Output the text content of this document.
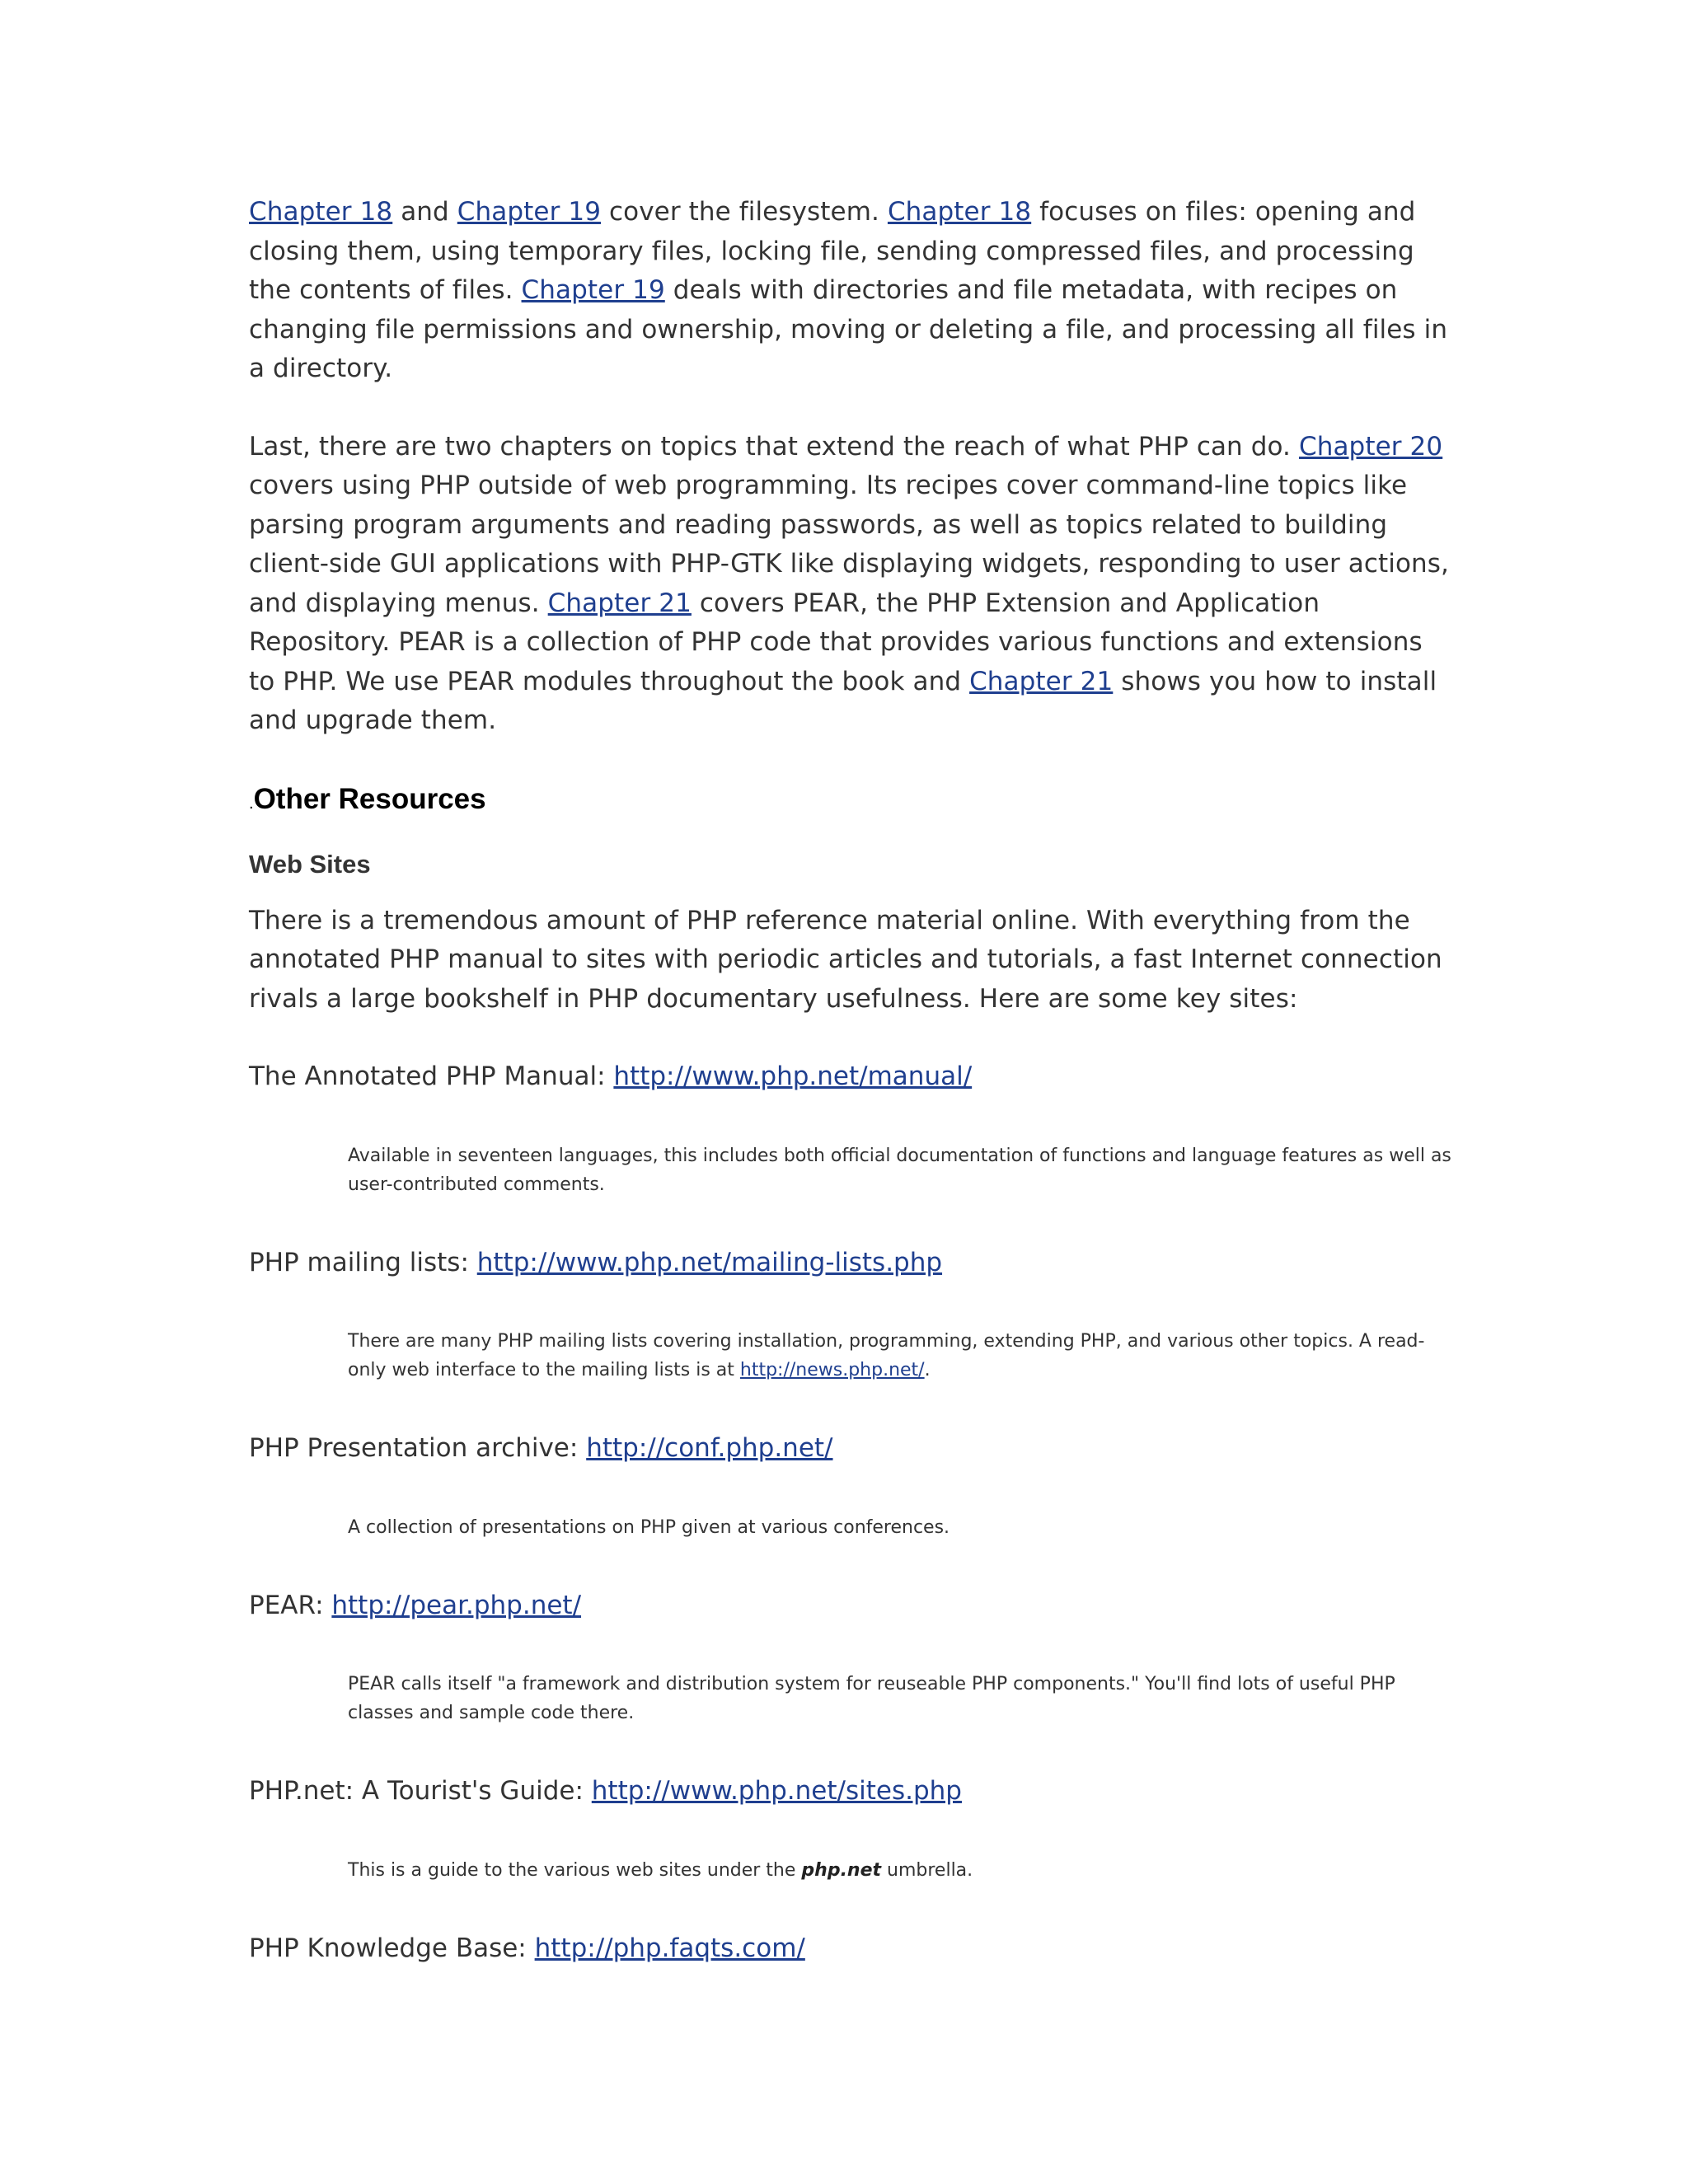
Chapter 18 and Chapter 19 cover the filesystem. Chapter 18 focuses on files: opening and closing them, using temporary files, locking file, sending compressed files, and processing the contents of files. Chapter 19 deals with directories and file metadata, with recipes on changing file permissions and ownership, moving or deleting a file, and processing all files in a directory.

Last, there are two chapters on topics that extend the reach of what PHP can do. Chapter 20 covers using PHP outside of web programming. Its recipes cover command-line topics like parsing program arguments and reading passwords, as well as topics related to building client-side GUI applications with PHP-GTK like displaying widgets, responding to user actions, and displaying menus. Chapter 21 covers PEAR, the PHP Extension and Application Repository. PEAR is a collection of PHP code that provides various functions and extensions to PHP. We use PEAR modules throughout the book and Chapter 21 shows you how to install and upgrade them.

.Other Resources
Web Sites

There is a tremendous amount of PHP reference material online. With everything from the annotated PHP manual to sites with periodic articles and tutorials, a fast Internet connection rivals a large bookshelf in PHP documentary usefulness. Here are some key sites:

The Annotated PHP Manual: http://www.php.net/manual/

Available in seventeen languages, this includes both official documentation of functions and language features as well as user-contributed comments.

PHP mailing lists: http://www.php.net/mailing-lists.php

There are many PHP mailing lists covering installation, programming, extending PHP, and various other topics. A read-only web interface to the mailing lists is at http://news.php.net/.

PHP Presentation archive: http://conf.php.net/

A collection of presentations on PHP given at various conferences.

PEAR: http://pear.php.net/

PEAR calls itself "a framework and distribution system for reuseable PHP components." You'll find lots of useful PHP classes and sample code there.

PHP.net: A Tourist's Guide: http://www.php.net/sites.php

This is a guide to the various web sites under the php.net umbrella.

PHP Knowledge Base: http://php.faqts.com/
